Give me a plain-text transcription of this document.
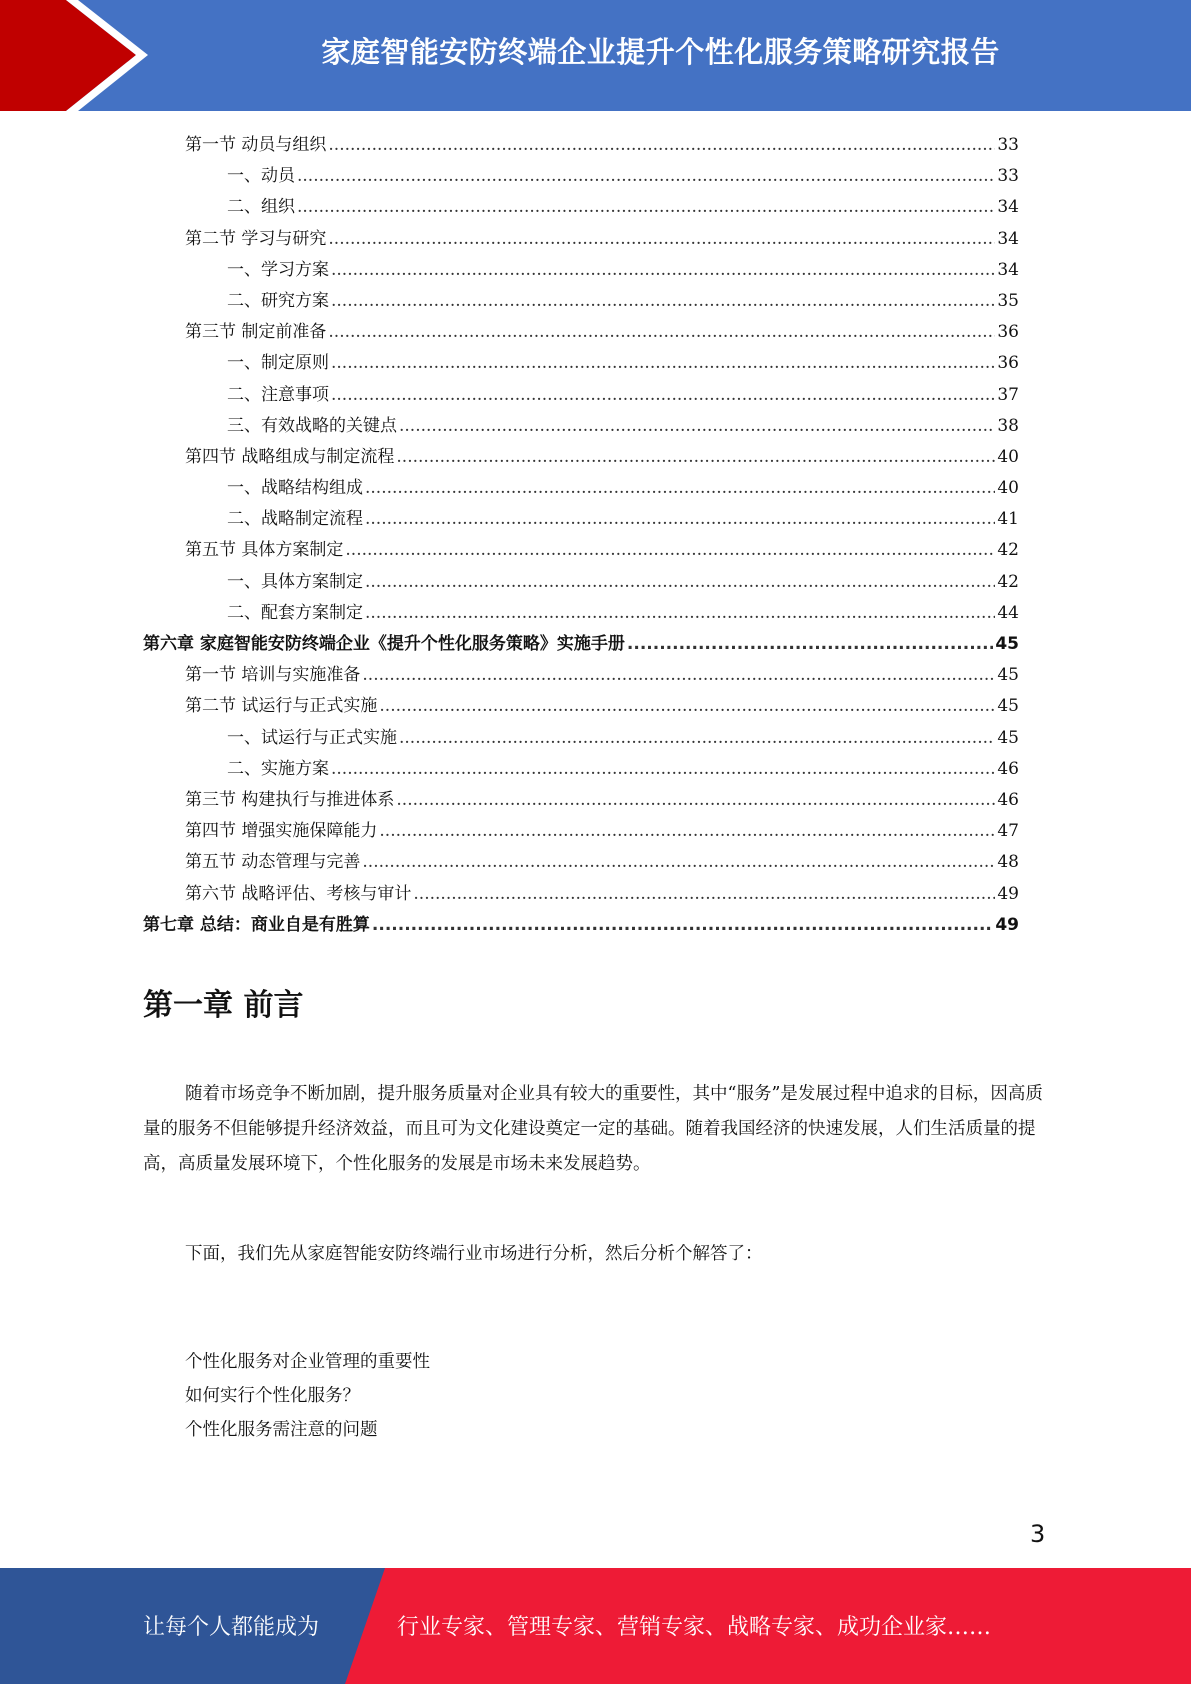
家庭智能安防终端企业提升个性化服务策略研究报告
第一节 动员与组织 .....	33
一、动员 .....	33
二、组织 .....	34
第二节 学习与研究 .....	34
一、学习方案 .....	34
二、研究方案 .....	35
第三节 制定前准备 .....	36
一、制定原则 .....	36
二、注意事项 .....	37
三、有效战略的关键点 .....	38
第四节 战略组成与制定流程 .....	40
一、战略结构组成 .....	40
二、战略制定流程 .....	41
第五节 具体方案制定 .....	42
一、具体方案制定 .....	42
二、配套方案制定 .....	44
第六章 家庭智能安防终端企业《提升个性化服务策略》实施手册 .....	45
第一节 培训与实施准备 .....	45
第二节 试运行与正式实施 .....	45
一、试运行与正式实施 .....	45
二、实施方案 .....	46
第三节 构建执行与推进体系 .....	46
第四节 增强实施保障能力 .....	47
第五节 动态管理与完善 .....	48
第六节 战略评估、考核与审计 .....	49
第七章 总结：商业自是有胜算 .....	49
第一章 前言

随着市场竞争不断加剧，提升服务质量对企业具有较大的重要性，其中“服务”是发展过程中追求的目标，因高质量的服务不但能够提升经济效益，而且可为文化建设奠定一定的基础。随着我国经济的快速发展，人们生活质量的提高，高质量发展环境下，个性化服务的发展是市场未来发展趋势。

下面，我们先从家庭智能安防终端行业市场进行分析，然后分析个解答了：

个性化服务对企业管理的重要性
如何实行个性化服务？
个性化服务需注意的问题
3
让每个人都能成为	行业专家、管理专家、营销专家、战略专家、成功企业家……
